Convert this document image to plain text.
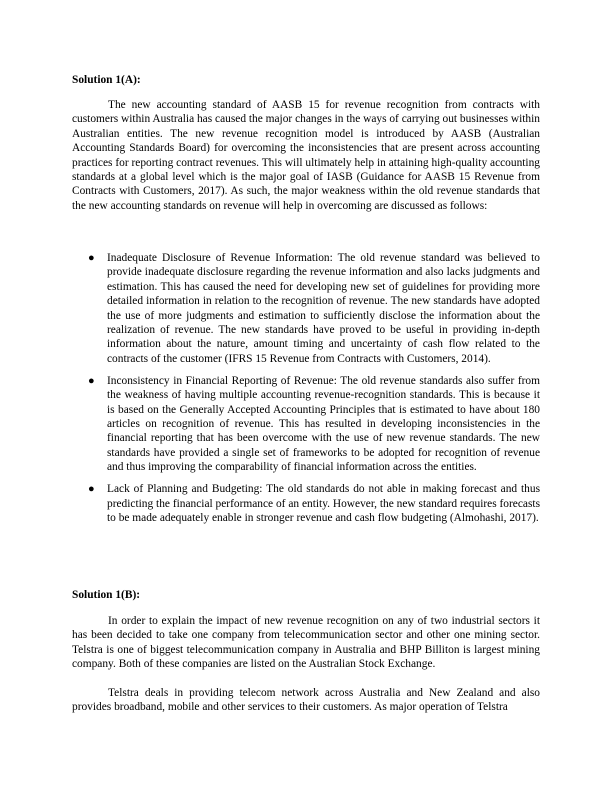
Solution 1(A):

The new accounting standard of AASB 15 for revenue recognition from contracts with customers within Australia has caused the major changes in the ways of carrying out businesses within Australian entities. The new revenue recognition model is introduced by AASB (Australian Accounting Standards Board) for overcoming the inconsistencies that are present across accounting practices for reporting contract revenues. This will ultimately help in attaining high-quality accounting standards at a global level which is the major goal of IASB (Guidance for AASB 15 Revenue from Contracts with Customers, 2017). As such, the major weakness within the old revenue standards that the new accounting standards on revenue will help in overcoming are discussed as follows:

● Inadequate Disclosure of Revenue Information: The old revenue standard was believed to provide inadequate disclosure regarding the revenue information and also lacks judgments and estimation. This has caused the need for developing new set of guidelines for providing more detailed information in relation to the recognition of revenue. The new standards have adopted the use of more judgments and estimation to sufficiently disclose the information about the realization of revenue. The new standards have proved to be useful in providing in-depth information about the nature, amount timing and uncertainty of cash flow related to the contracts of the customer (IFRS 15 Revenue from Contracts with Customers, 2014).
● Inconsistency in Financial Reporting of Revenue: The old revenue standards also suffer from the weakness of having multiple accounting revenue-recognition standards. This is because it is based on the Generally Accepted Accounting Principles that is estimated to have about 180 articles on recognition of revenue. This has resulted in developing inconsistencies in the financial reporting that has been overcome with the use of new revenue standards. The new standards have provided a single set of frameworks to be adopted for recognition of revenue and thus improving the comparability of financial information across the entities.
● Lack of Planning and Budgeting: The old standards do not able in making forecast and thus predicting the financial performance of an entity. However, the new standard requires forecasts to be made adequately enable in stronger revenue and cash flow budgeting (Almohashi, 2017).

Solution 1(B):

In order to explain the impact of new revenue recognition on any of two industrial sectors it has been decided to take one company from telecommunication sector and other one mining sector. Telstra is one of biggest telecommunication company in Australia and BHP Billiton is largest mining company. Both of these companies are listed on the Australian Stock Exchange.

Telstra deals in providing telecom network across Australia and New Zealand and also provides broadband, mobile and other services to their customers. As major operation of Telstra
